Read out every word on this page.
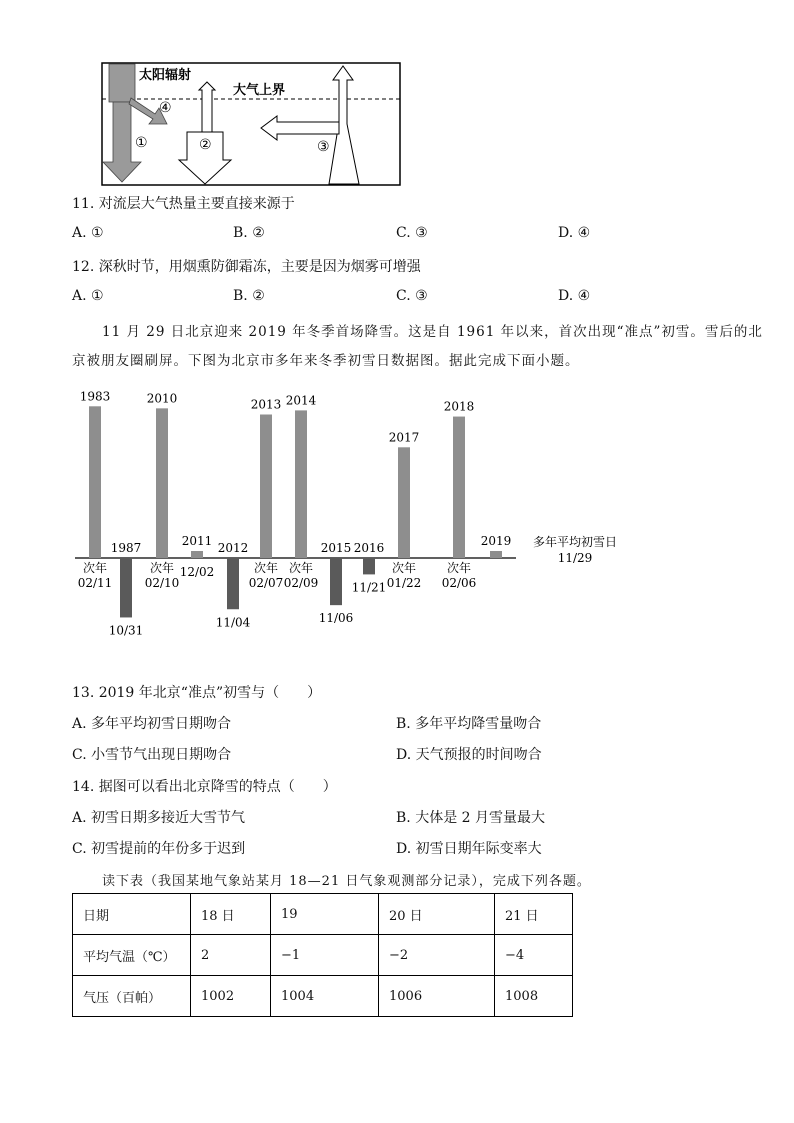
太阳辐射
大气上界
①	②	③
④
11. 对流层大气热量主要直接来源于
A. ①	B. ②	C. ③	D. ④
12. 深秋时节，用烟熏防御霜冻，主要是因为烟雾可增强
A. ①	B. ②	C. ③	D. ④
11 月 29 日北京迎来 2019 年冬季首场降雪。这是自 1961 年以来，首次出现“准点”初雪。雪后的北
京被朋友圈刷屏。下图为北京市多年来冬季初雪日数据图。据此完成下面小题。
1983
次年
02/11
1987
10/31
2010
次年
02/10
2011
12/02
2012
11/04
2013
次年
02/07
2014
次年
02/09
2015
11/06
2016
11/21
2017
次年
01/22
2018
次年
02/06
2019 多年平均初雪日
11/29
13. 2019 年北京“准点”初雪与（　　）
A. 多年平均初雪日期吻合	B. 多年平均降雪量吻合
C. 小雪节气出现日期吻合	D. 天气预报的时间吻合
14. 据图可以看出北京降雪的特点（　　）
A. 初雪日期多接近大雪节气	B. 大体是 2 月雪量最大
C. 初雪提前的年份多于迟到	D. 初雪日期年际变率大
读下表（我国某地气象站某月 18—21 日气象观测部分记录），完成下列各题。
日期	18 日	19	20 日	21 日
平均气温（℃）	2	−1	−2	−4
气压（百帕）	1002	1004	1006	1008
